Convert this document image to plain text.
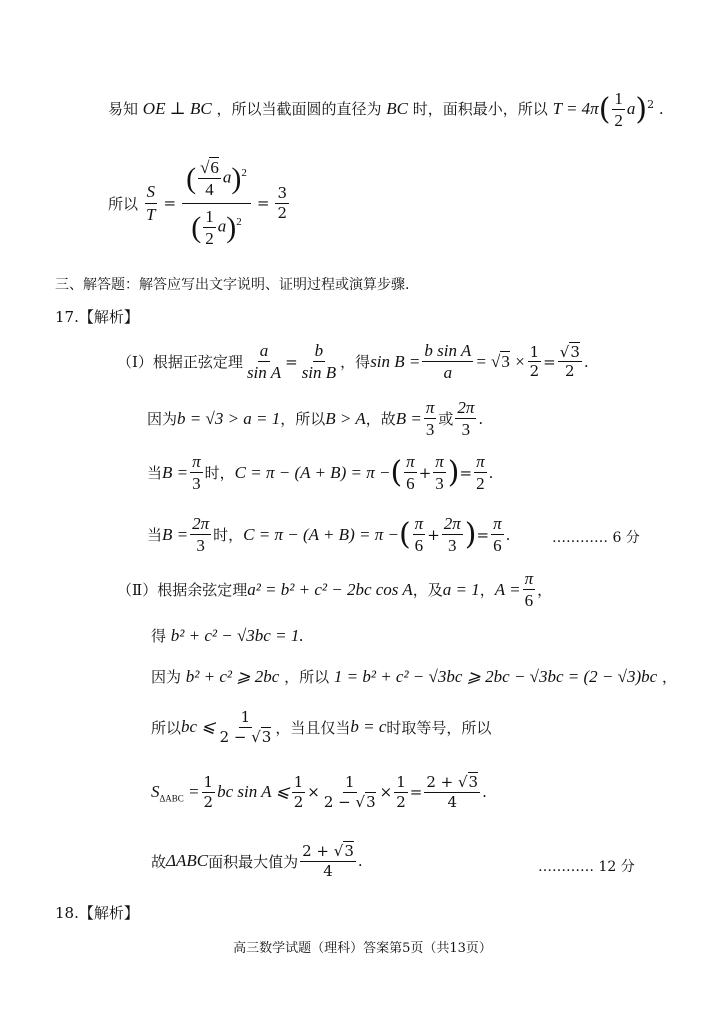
易知 OE ⊥ BC ，所以当截面圆的直径为 BC 时，面积最小，所以 $T = 4\pi( \frac{1}{2} a)^2$ .
所以 $\frac{S}{T} = \frac{( \frac{√6}{4} a)^2}{( \frac{1}{2} a)^2} = \frac{3}{2}$
三、解答题：解答应写出文字说明、证明过程或演算步骤.
17.【解析】
（Ⅰ）根据正弦定理 $\frac{a}{\text{sin A}} = \frac{b}{\text{sin B}}$ ，得 $\sin B = \frac{\text{b sin A}}{a} = √3 \times \frac{1}{2} = \frac{√3}{2}$ .
因为 b = √3 > a = 1 ，所以 B > A ，故 $B = \frac{\pi}{3}$ 或 $\frac{2\pi}{3}$ .
当 $B = \frac{\pi}{3}$ 时， C = π − (A + B) = π − ( $\frac{\pi}{6} + \frac{\pi}{3}$ ) = $\frac{\pi}{2}$ .
当 $B = \frac{2\pi}{3}$ 时， C = π − (A + B) = π − ( $\frac{\pi}{6} + \frac{2\pi}{3}$ ) = $\frac{\pi}{6}$ .	………… 6 分
（Ⅱ）根据余弦定理 a² = b² + c² − 2bc cos A ，及 a = 1 ， $A = \frac{\pi}{6}$ ，
得 b² + c² − √3bc = 1.
因为 b² + c² ⩾ 2bc ，所以 1 = b² + c² − √3bc ⩾ 2bc − √3bc = (2 − √3)bc ，
所以 bc ⩽ $\frac{1}{2 - √3}$ ，当且仅当 b = c 时取等号，所以
$S_{\Delta ABC} = \frac{1}{2}$ bc sin A ⩽ $\frac{1}{2} \times \frac{1}{2 - √3} \times \frac{1}{2} = \frac{2 + √3}{4}$ .
故 ΔABC 面积最大值为 $\frac{2 + √3}{4}$ .	………… 12 分
18.【解析】
高三数学试题（理科）答案第5页（共13页）
